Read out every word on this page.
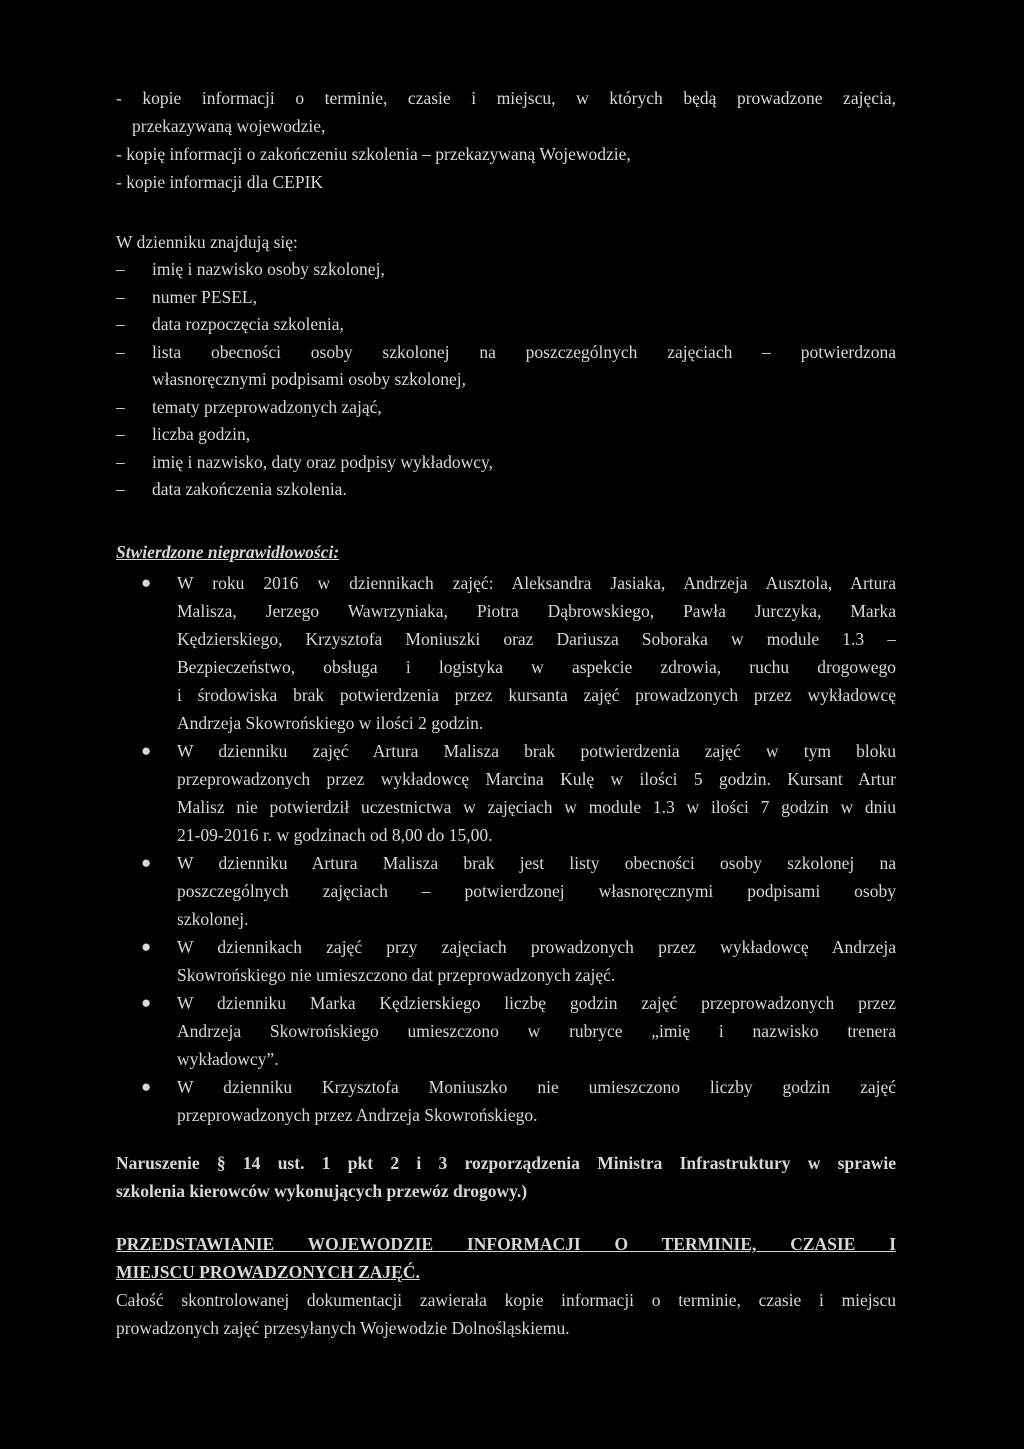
- kopie informacji o terminie, czasie i miejscu, w których będą prowadzone zajęcia,
przekazywaną wojewodzie,
- kopię informacji o zakończeniu szkolenia – przekazywaną Wojewodzie,
- kopie informacji dla CEPIK
W dzienniku znajdują się:
– imię i nazwisko osoby szkolonej,
– numer PESEL,
– data rozpoczęcia szkolenia,
– lista obecności osoby szkolonej na poszczególnych zajęciach – potwierdzona
własnoręcznymi podpisami osoby szkolonej,
– tematy przeprowadzonych zająć,
– liczba godzin,
– imię i nazwisko, daty oraz podpisy wykładowcy,
– data zakończenia szkolenia.
Stwierdzone nieprawidłowości:
● W roku 2016 w dziennikach zajęć: Aleksandra Jasiaka, Andrzeja Ausztola, Artura
Malisza, Jerzego Wawrzyniaka, Piotra Dąbrowskiego, Pawła Jurczyka, Marka
Kędzierskiego, Krzysztofa Moniuszki oraz Dariusza Soboraka w module 1.3 –
Bezpieczeństwo, obsługa i logistyka w aspekcie zdrowia, ruchu drogowego
i środowiska brak potwierdzenia przez kursanta zajęć prowadzonych przez wykładowcę
Andrzeja Skowrońskiego w ilości 2 godzin.
● W dzienniku zajęć Artura Malisza brak potwierdzenia zajęć w tym bloku
przeprowadzonych przez wykładowcę Marcina Kulę w ilości 5 godzin. Kursant Artur
Malisz nie potwierdził uczestnictwa w zajęciach w module 1.3 w ilości 7 godzin w dniu
21-09-2016 r. w godzinach od 8,00 do 15,00.
● W dzienniku Artura Malisza brak jest listy obecności osoby szkolonej na
poszczególnych zajęciach – potwierdzonej własnoręcznymi podpisami osoby
szkolonej.
● W dziennikach zajęć przy zajęciach prowadzonych przez wykładowcę Andrzeja
Skowrońskiego nie umieszczono dat przeprowadzonych zajęć.
● W dzienniku Marka Kędzierskiego liczbę godzin zajęć przeprowadzonych przez
Andrzeja Skowrońskiego umieszczono w rubryce „imię i nazwisko trenera
wykładowcy”.
● W dzienniku Krzysztofa Moniuszko nie umieszczono liczby godzin zajęć
przeprowadzonych przez Andrzeja Skowrońskiego.
Naruszenie § 14 ust. 1 pkt 2 i 3 rozporządzenia Ministra Infrastruktury w sprawie
szkolenia kierowców wykonujących przewóz drogowy.)
PRZEDSTAWIANIE WOJEWODZIE INFORMACJI O TERMINIE, CZASIE I
MIEJSCU PROWADZONYCH ZAJĘĆ.
Całość skontrolowanej dokumentacji zawierała kopie informacji o terminie, czasie i miejscu
prowadzonych zajęć przesyłanych Wojewodzie Dolnośląskiemu.
